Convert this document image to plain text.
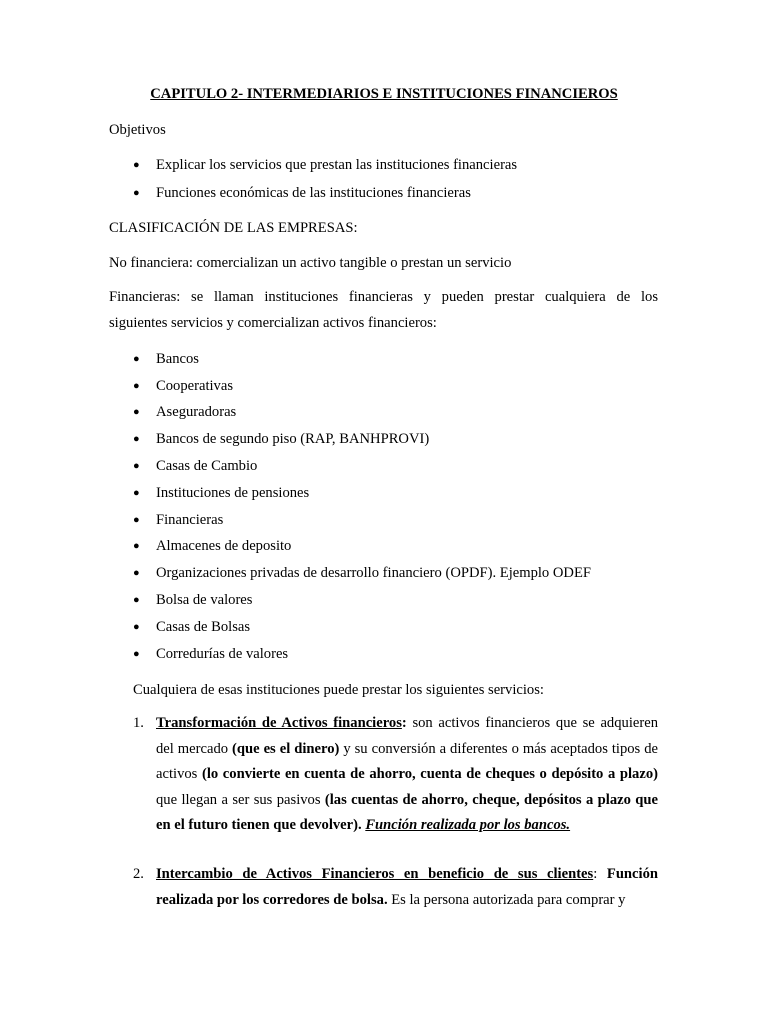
CAPITULO 2- INTERMEDIARIOS E INSTITUCIONES FINANCIEROS
Objetivos
● Explicar los servicios que prestan las instituciones financieras
● Funciones económicas de las instituciones financieras
CLASIFICACIÓN DE LAS EMPRESAS:
No financiera: comercializan un activo tangible o prestan un servicio
Financieras: se llaman instituciones financieras y pueden prestar cualquiera de los
siguientes servicios y comercializan activos financieros:
● Bancos
● Cooperativas
● Aseguradoras
● Bancos de segundo piso (RAP, BANHPROVI)
● Casas de Cambio
● Instituciones de pensiones
● Financieras
● Almacenes de deposito
● Organizaciones privadas de desarrollo financiero (OPDF). Ejemplo ODEF
● Bolsa de valores
● Casas de Bolsas
● Corredurías de valores
Cualquiera de esas instituciones puede prestar los siguientes servicios:
1. Transformación de Activos financieros: son activos financieros que se adquieren del mercado (que es el dinero) y su conversión a diferentes o más aceptados tipos de activos (lo convierte en cuenta de ahorro, cuenta de cheques o depósito a plazo) que llegan a ser sus pasivos (las cuentas de ahorro, cheque, depósitos a plazo que en el futuro tienen que devolver). Función realizada por los bancos.
2. Intercambio de Activos Financieros en beneficio de sus clientes: Función realizada por los corredores de bolsa. Es la persona autorizada para comprar y
